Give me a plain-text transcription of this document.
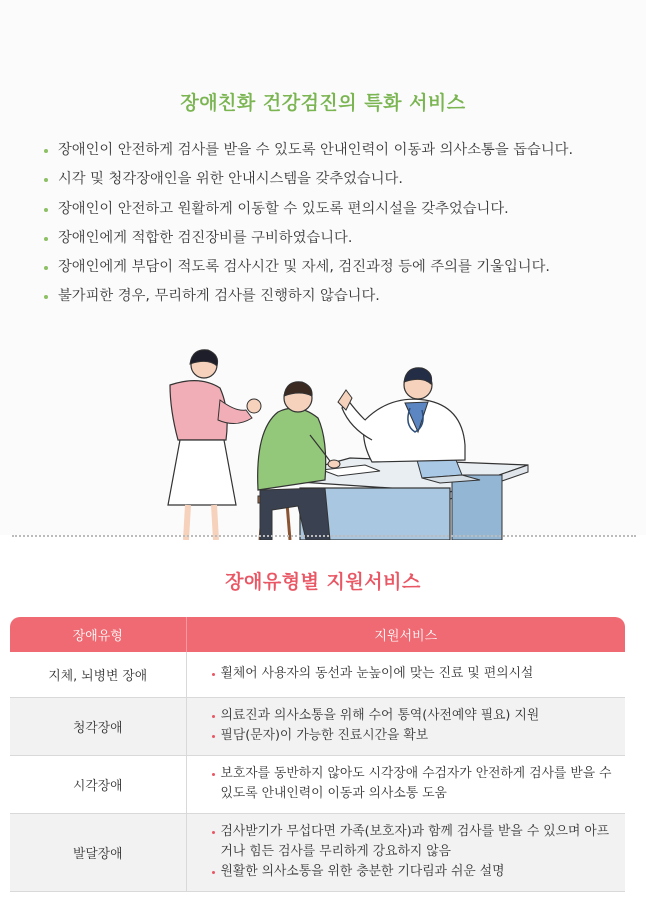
장애친화 건강검진의 특화 서비스
장애인이 안전하게 검사를 받을 수 있도록 안내인력이 이동과 의사소통을 돕습니다.
시각 및 청각장애인을 위한 안내시스템을 갖추었습니다.
장애인이 안전하고 원활하게 이동할 수 있도록 편의시설을 갖추었습니다.
장애인에게 적합한 검진장비를 구비하였습니다.
장애인에게 부담이 적도록 검사시간 및 자세, 검진과정 등에 주의를 기울입니다.
불가피한 경우, 무리하게 검사를 진행하지 않습니다.
장애유형별 지원서비스
장애유형	지원서비스
지체, 뇌병변 장애	휠체어 사용자의 동선과 눈높이에 맞는 진료 및 편의시설

청각장애	의료진과 의사소통을 위해 수어 통역(사전예약 필요) 지원
필담(문자)이 가능한 진료시간을 확보

시각장애	보호자를 동반하지 않아도 시각장애 수검자가 안전하게 검사를 받을 수 있도록 안내인력이 이동과 의사소통 도움

발달장애	검사받기가 무섭다면 가족(보호자)과 함께 검사를 받을 수 있으며 아프거나 힘든 검사를 무리하게 강요하지 않음
원활한 의사소통을 위한 충분한 기다림과 쉬운 설명
